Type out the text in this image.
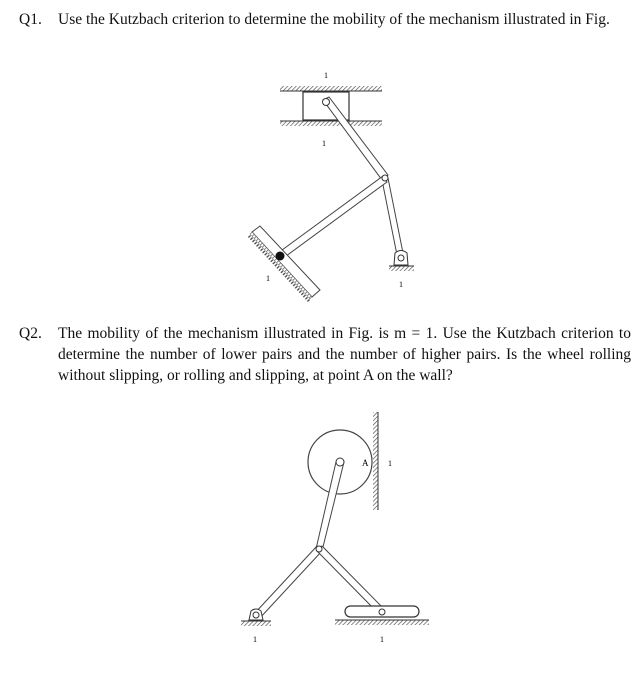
Q1. Use the Kutzbach criterion to determine the mobility of the mechanism illustrated in Fig.
1
1
1
1
Q2. The mobility of the mechanism illustrated in Fig. is m = 1. Use the Kutzbach criterion to determine the number of lower pairs and the number of higher pairs. Is the wheel rolling without slipping, or rolling and slipping, at point A on the wall?
A 1
1	1
